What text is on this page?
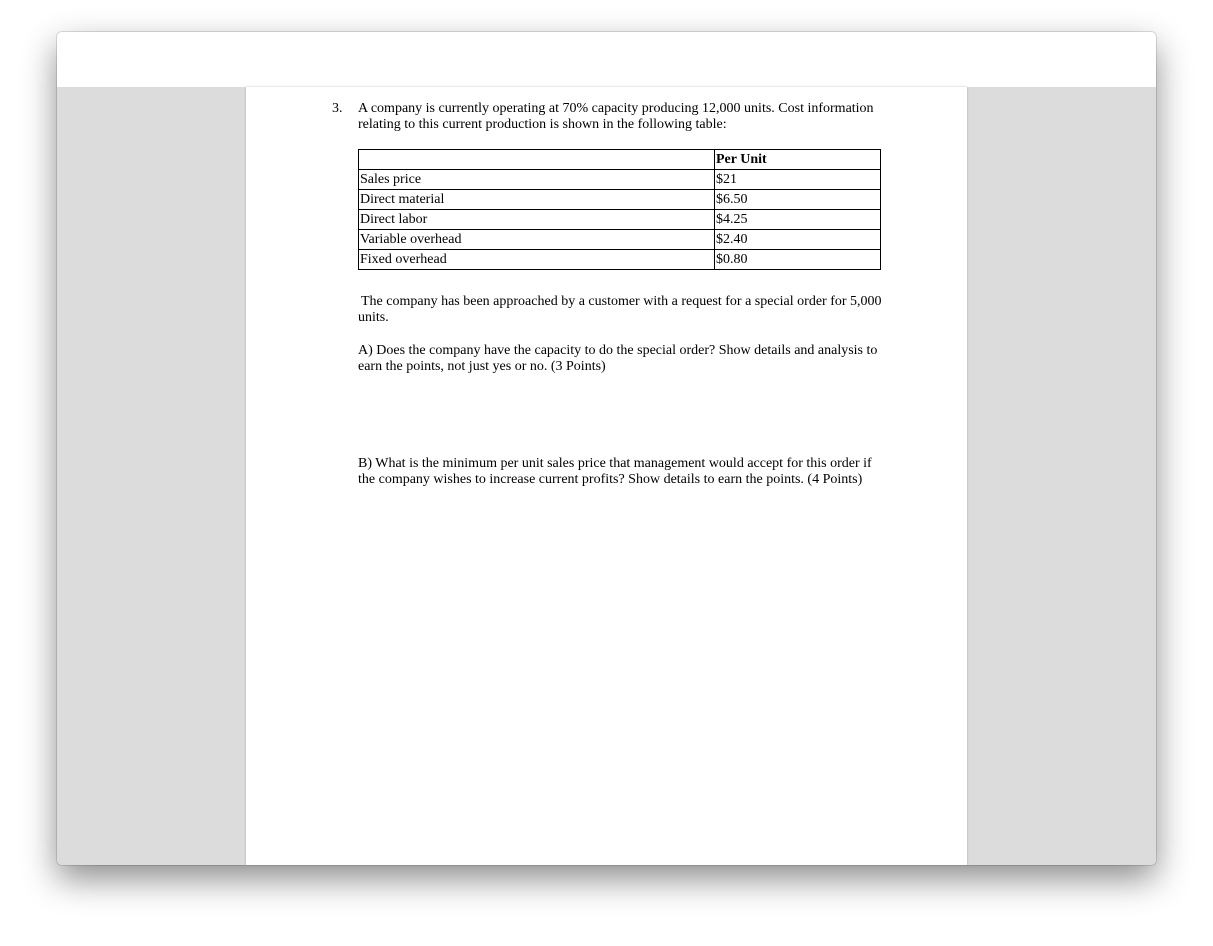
3. A company is currently operating at 70% capacity producing 12,000 units. Cost information relating to this current production is shown in the following table:
	Per Unit
Sales price	$21
Direct material	$6.50
Direct labor	$4.25
Variable overhead	$2.40
Fixed overhead	$0.80
The company has been approached by a customer with a request for a special order for 5,000 units.
A) Does the company have the capacity to do the special order? Show details and analysis to earn the points, not just yes or no. (3 Points)
B) What is the minimum per unit sales price that management would accept for this order if the company wishes to increase current profits? Show details to earn the points. (4 Points)
